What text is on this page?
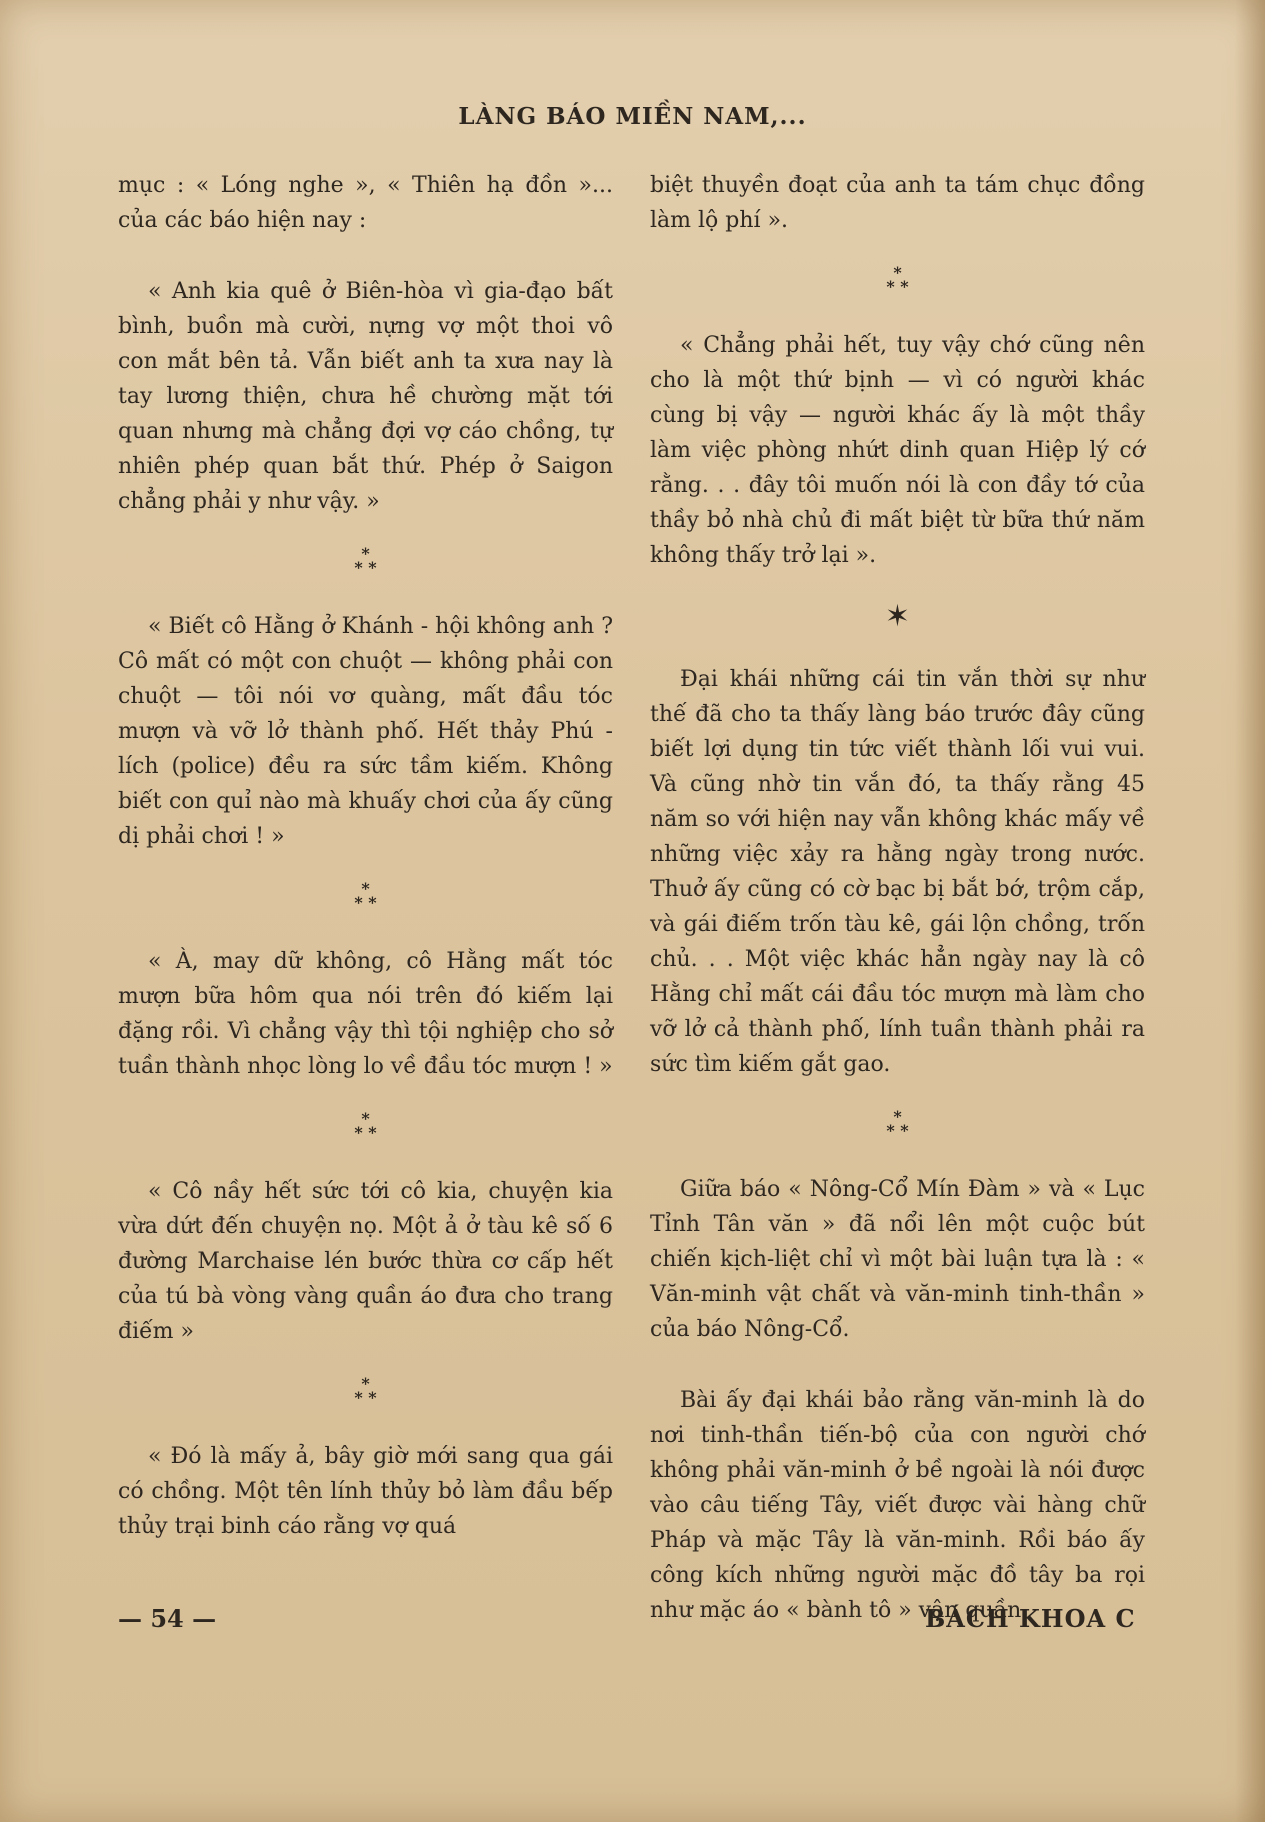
LÀNG BÁO MIỀN NAM,...

mục : « Lóng nghe », « Thiên hạ đồn »... của các báo hiện nay :

« Anh kia quê ở Biên-hòa vì gia-đạo bất bình, buồn mà cười, nựng vợ một thoi vô con mắt bên tả. Vẫn biết anh ta xưa nay là tay lương thiện, chưa hề chường mặt tới quan nhưng mà chẳng đợi vợ cáo chồng, tự nhiên phép quan bắt thứ. Phép ở Saigon chẳng phải y như vậy. »

*
* *

« Biết cô Hằng ở Khánh - hội không anh ? Cô mất có một con chuột — không phải con chuột — tôi nói vơ quàng, mất đầu tóc mượn và vỡ lở thành phố. Hết thảy Phú - lích (police) đều ra sức tầm kiếm. Không biết con quỉ nào mà khuấy chơi của ấy cũng dị phải chơi ! »

*
* *

« À, may dữ không, cô Hằng mất tóc mượn bữa hôm qua nói trên đó kiếm lại đặng rồi. Vì chẳng vậy thì tội nghiệp cho sở tuần thành nhọc lòng lo về đầu tóc mượn ! »

*
* *

« Cô nầy hết sức tới cô kia, chuyện kia vừa dứt đến chuyện nọ. Một ả ở tàu kê số 6 đường Marchaise lén bước thừa cơ cấp hết của tú bà vòng vàng quần áo đưa cho trang điếm »

*
* *

« Đó là mấy ả, bây giờ mới sang qua gái có chồng. Một tên lính thủy bỏ làm đầu bếp thủy trại binh cáo rằng vợ quá

biệt thuyền đoạt của anh ta tám chục đồng làm lộ phí ».

*
* *

« Chẳng phải hết, tuy vậy chớ cũng nên cho là một thứ bịnh — vì có người khác cùng bị vậy — người khác ấy là một thầy làm việc phòng nhứt dinh quan Hiệp lý cớ rằng. . . đây tôi muốn nói là con đầy tớ của thầy bỏ nhà chủ đi mất biệt từ bữa thứ năm không thấy trở lại ».

✶

Đại khái những cái tin vắn thời sự như thế đã cho ta thấy làng báo trước đây cũng biết lợi dụng tin tức viết thành lối vui vui. Và cũng nhờ tin vắn đó, ta thấy rằng 45 năm so với hiện nay vẫn không khác mấy về những việc xảy ra hằng ngày trong nước. Thuở ấy cũng có cờ bạc bị bắt bớ, trộm cắp, và gái điếm trốn tàu kê, gái lộn chồng, trốn chủ. . . Một việc khác hẳn ngày nay là cô Hằng chỉ mất cái đầu tóc mượn mà làm cho vỡ lở cả thành phố, lính tuần thành phải ra sức tìm kiếm gắt gao.

*
* *

Giữa báo « Nông-Cổ Mín Đàm » và « Lục Tỉnh Tân văn » đã nổi lên một cuộc bút chiến kịch-liệt chỉ vì một bài luận tựa là : « Văn-minh vật chất và văn-minh tinh-thần » của báo Nông-Cổ.

Bài ấy đại khái bảo rằng văn-minh là do nơi tinh-thần tiến-bộ của con người chớ không phải văn-minh ở bề ngoài là nói được vào câu tiếng Tây, viết được vài hàng chữ Pháp và mặc Tây là văn-minh. Rồi báo ấy công kích những người mặc đồ tây ba rọi như mặc áo « bành tô » vận quần

— 54 —	BÁCH KHOA C
